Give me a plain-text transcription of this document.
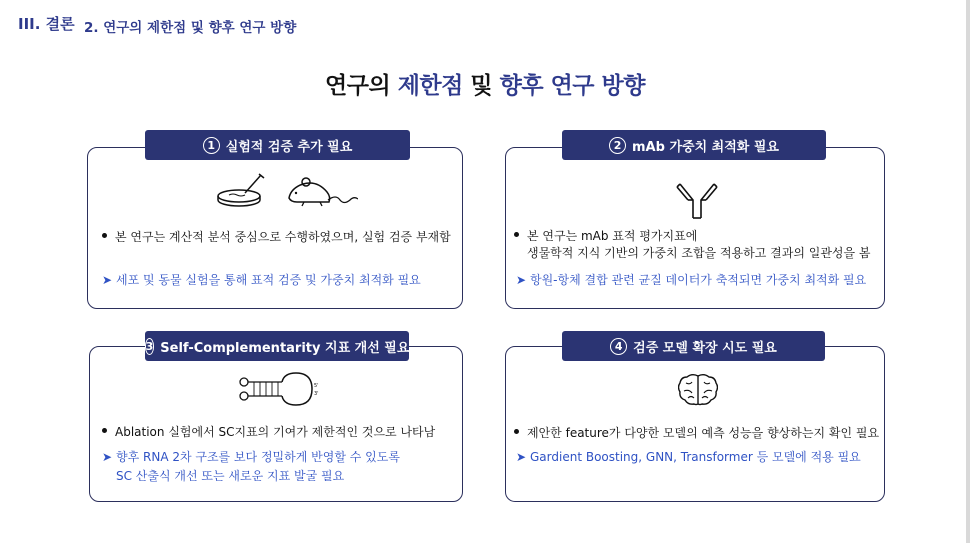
III. 결론 2. 연구의 제한점 및 향후 연구 방향
연구의 제한점 및 향후 연구 방향
1 실험적 검증 추가 필요
본 연구는 계산적 분석 중심으로 수행하였으며, 실험 검증 부재함
➤ 세포 및 동물 실험을 통해 표적 검증 및 가중치 최적화 필요
2 mAb 가중치 최적화 필요
본 연구는 mAb 표적 평가지표에
생물학적 지식 기반의 가중치 조합을 적용하고 결과의 일관성을 봄
➤ 항원-항체 결합 관련 균질 데이터가 축적되면 가중치 최적화 필요
3 Self-Complementarity 지표 개선 필요
5'
3'
Ablation 실험에서 SC지표의 기여가 제한적인 것으로 나타남
➤ 향후 RNA 2차 구조를 보다 정밀하게 반영할 수 있도록
SC 산출식 개선 또는 새로운 지표 발굴 필요
4 검증 모델 확장 시도 필요
제안한 feature가 다양한 모델의 예측 성능을 향상하는지 확인 필요
➤ Gardient Boosting, GNN, Transformer 등 모델에 적용 필요
